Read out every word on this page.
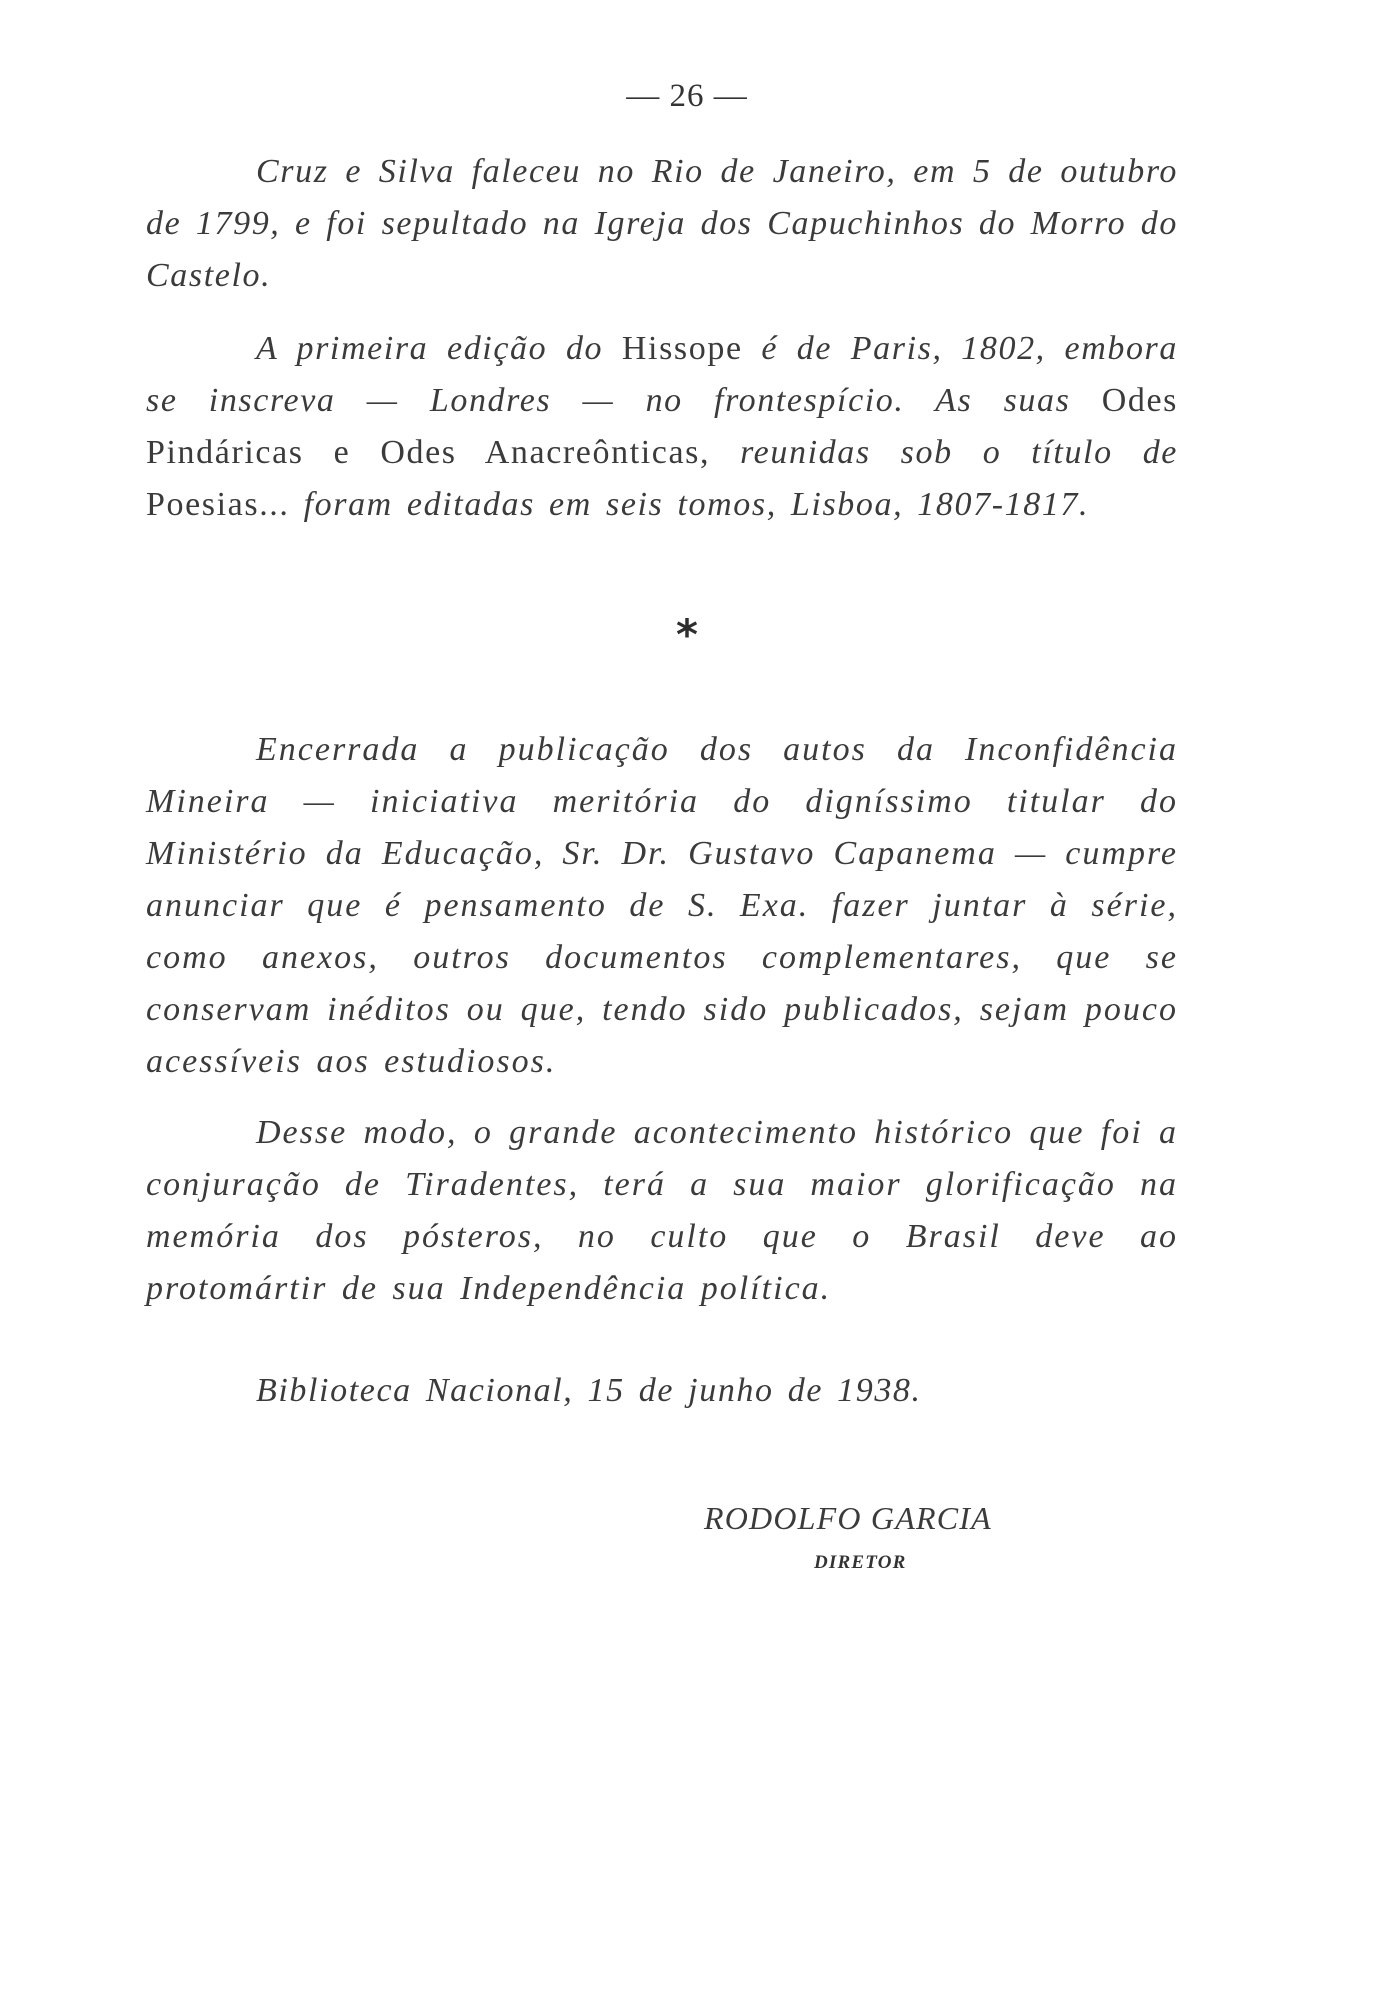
— 26 —

Cruz e Silva faleceu no Rio de Janeiro, em 5 de outubro de 1799, e foi sepultado na Igreja dos Capuchinhos do Morro do Castelo.

A primeira edição do Hissope é de Paris, 1802, embora se inscreva — Londres — no frontespício. As suas Odes Pindáricas e Odes Anacreônticas, reunidas sob o título de Poesias... foram editadas em seis tomos, Lisboa, 1807-1817.

*

Encerrada a publicação dos autos da Inconfidência Mineira — iniciativa meritória do digníssimo titular do Ministério da Educação, Sr. Dr. Gustavo Capanema — cumpre anunciar que é pensamento de S. Exa. fazer juntar à série, como anexos, outros documentos complementares, que se conservam inéditos ou que, tendo sido publicados, sejam pouco acessíveis aos estudiosos.

Desse modo, o grande acontecimento histórico que foi a conjuração de Tiradentes, terá a sua maior glorificação na memória dos pósteros, no culto que o Brasil deve ao protomártir de sua Independência política.

Biblioteca Nacional, 15 de junho de 1938.
RODOLFO GARCIA
DIRETOR
